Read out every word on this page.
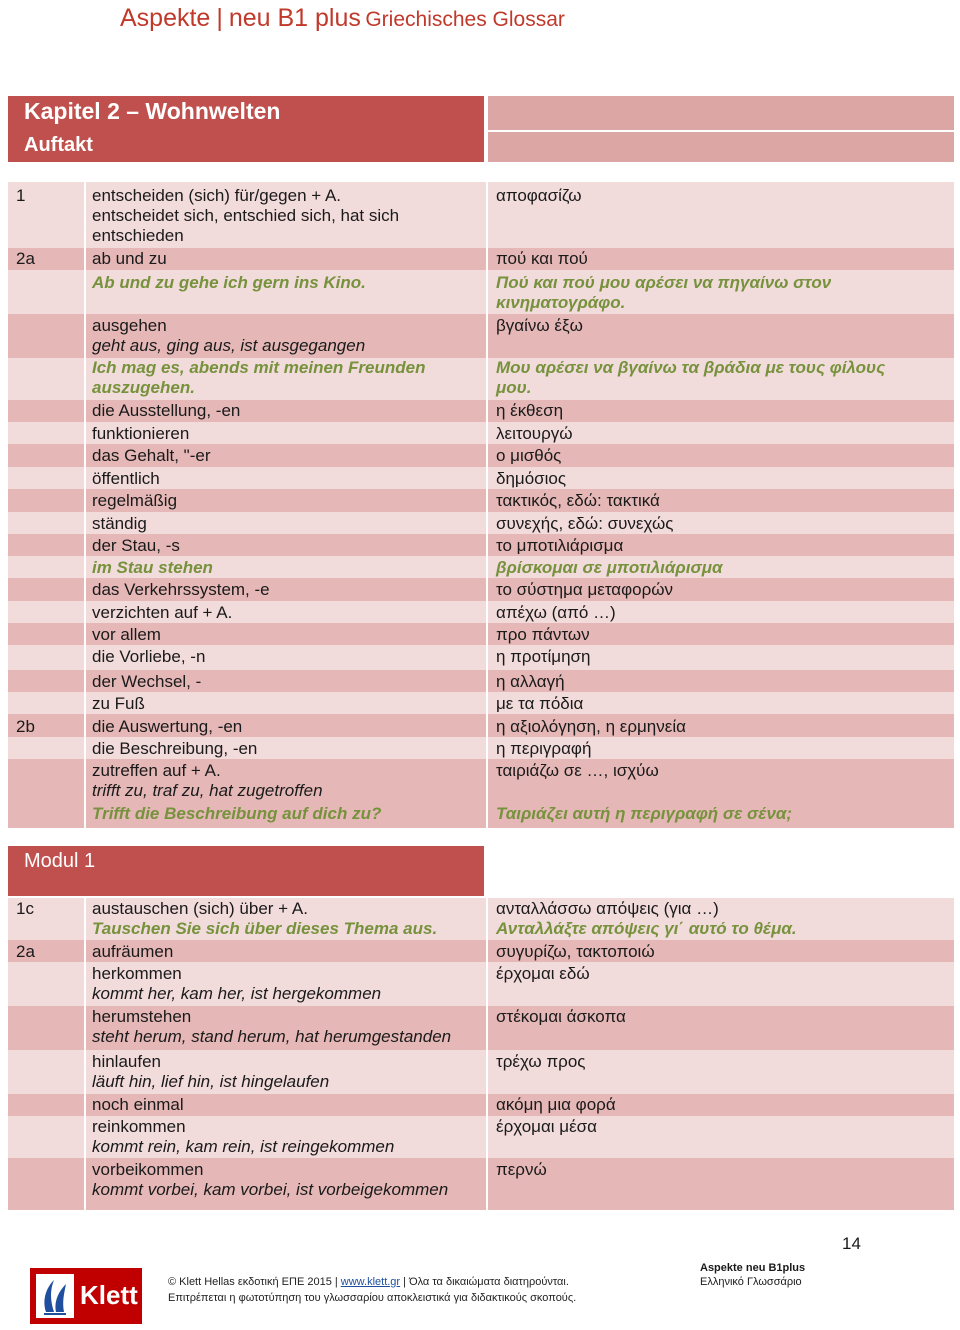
Aspekte | neu B1 plus Griechisches Glossar
Kapitel 2 – Wohnwelten
Auftakt
1	entscheiden (sich) für/gegen + A.	αποφασίζω
entscheidet sich, entschied sich, hat sich
entschieden
2a	ab und zu	πού και πού
Ab und zu gehe ich gern ins Kino.	Πού και πού μου αρέσει να πηγαίνω στον
κινηματογράφο.
ausgehen	βγαίνω έξω
geht aus, ging aus, ist ausgegangen
Ich mag es, abends mit meinen Freunden	Μου αρέσει να βγαίνω τα βράδια με τους φίλους
auszugehen.	μου.
die Ausstellung, -en	η έκθεση
funktionieren	λειτουργώ
das Gehalt, "-er	ο μισθός
öffentlich	δημόσιος
regelmäßig	τακτικός, εδώ: τακτικά
ständig	συνεχής, εδώ: συνεχώς
der Stau, -s	το μποτιλιάρισμα
im Stau stehen	βρίσκομαι σε μποτιλιάρισμα
das Verkehrssystem, -e	το σύστημα μεταφορών
verzichten auf + A.	απέχω (από …)
vor allem	προ πάντων
die Vorliebe, -n	η προτίμηση
der Wechsel, -	η αλλαγή
zu Fuß	με τα πόδια
2b	die Auswertung, -en	η αξιολόγηση, η ερμηνεία
die Beschreibung, -en	η περιγραφή
zutreffen auf + A.	ταιριάζω σε …, ισχύω
trifft zu, traf zu, hat zugetroffen
Trifft die Beschreibung auf dich zu?	Ταιριάζει αυτή η περιγραφή σε σένα;
Modul 1
1c	austauschen (sich) über + A.	ανταλλάσσω απόψεις (για …)
Tauschen Sie sich über dieses Thema aus.	Ανταλλάξτε απόψεις γι΄ αυτό το θέμα.
2a	aufräumen	συγυρίζω, τακτοποιώ
herkommen	έρχομαι εδώ
kommt her, kam her, ist hergekommen
herumstehen	στέκομαι άσκοπα
steht herum, stand herum, hat herumgestanden
hinlaufen	τρέχω προς
läuft hin, lief hin, ist hingelaufen
noch einmal	ακόμη μια φορά
reinkommen	έρχομαι μέσα
kommt rein, kam rein, ist reingekommen
vorbeikommen	περνώ
kommt vorbei, kam vorbei, ist vorbeigekommen
14
Klett	© Klett Hellas εκδοτική ΕΠΕ 2015 | www.klett.gr | Όλα τα δικαιώματα διατηρούνται.
Επιτρέπεται η φωτοτύπηση του γλωσσαρίου αποκλειστικά για διδακτικούς σκοπούς.
Aspekte neu B1plus
Ελληνικό Γλωσσάριο
